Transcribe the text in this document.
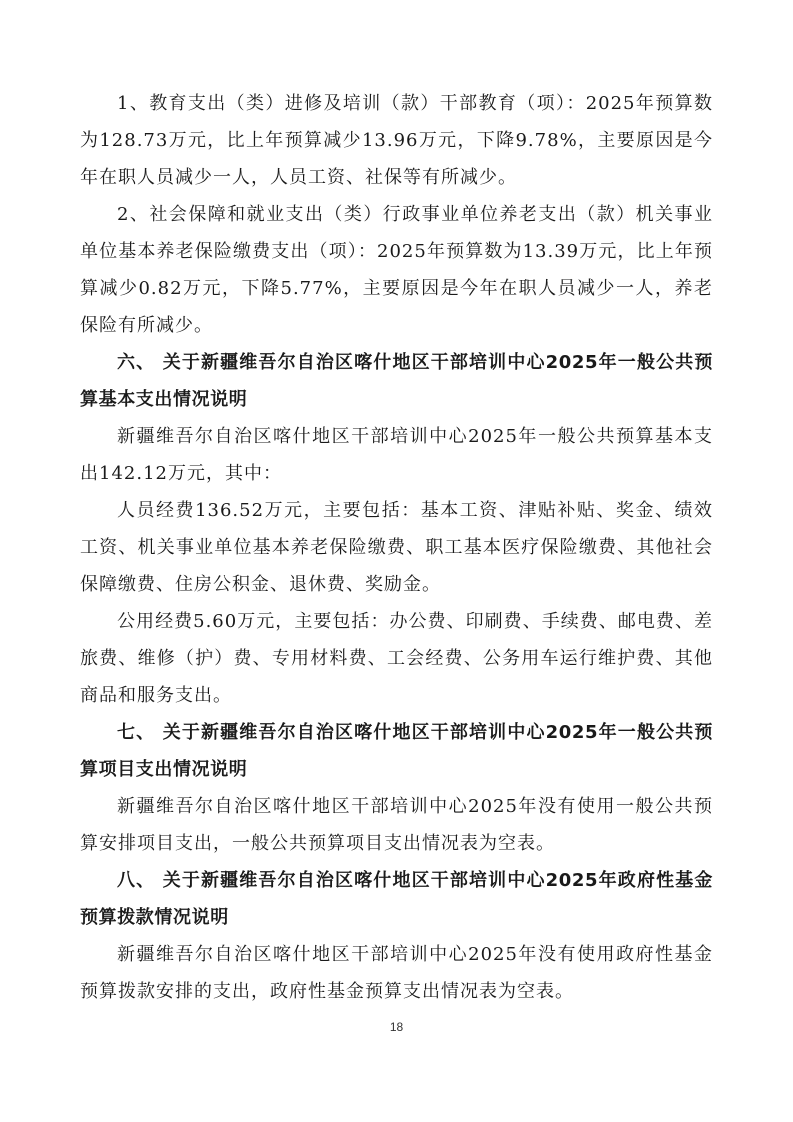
1、教育支出（类）进修及培训（款）干部教育（项）：2025年预算数为128.73万元，比上年预算减少13.96万元，下降9.78%，主要原因是今年在职人员减少一人，人员工资、社保等有所减少。

2、社会保障和就业支出（类）行政事业单位养老支出（款）机关事业单位基本养老保险缴费支出（项）：2025年预算数为13.39万元，比上年预算减少0.82万元，下降5.77%，主要原因是今年在职人员减少一人，养老保险有所减少。

六、 关于新疆维吾尔自治区喀什地区干部培训中心2025年一般公共预算基本支出情况说明

新疆维吾尔自治区喀什地区干部培训中心2025年一般公共预算基本支出142.12万元，其中：

人员经费136.52万元，主要包括：基本工资、津贴补贴、奖金、绩效工资、机关事业单位基本养老保险缴费、职工基本医疗保险缴费、其他社会保障缴费、住房公积金、退休费、奖励金。

公用经费5.60万元，主要包括：办公费、印刷费、手续费、邮电费、差旅费、维修（护）费、专用材料费、工会经费、公务用车运行维护费、其他商品和服务支出。

七、 关于新疆维吾尔自治区喀什地区干部培训中心2025年一般公共预算项目支出情况说明

新疆维吾尔自治区喀什地区干部培训中心2025年没有使用一般公共预算安排项目支出，一般公共预算项目支出情况表为空表。

八、 关于新疆维吾尔自治区喀什地区干部培训中心2025年政府性基金预算拨款情况说明

新疆维吾尔自治区喀什地区干部培训中心2025年没有使用政府性基金预算拨款安排的支出，政府性基金预算支出情况表为空表。

18
